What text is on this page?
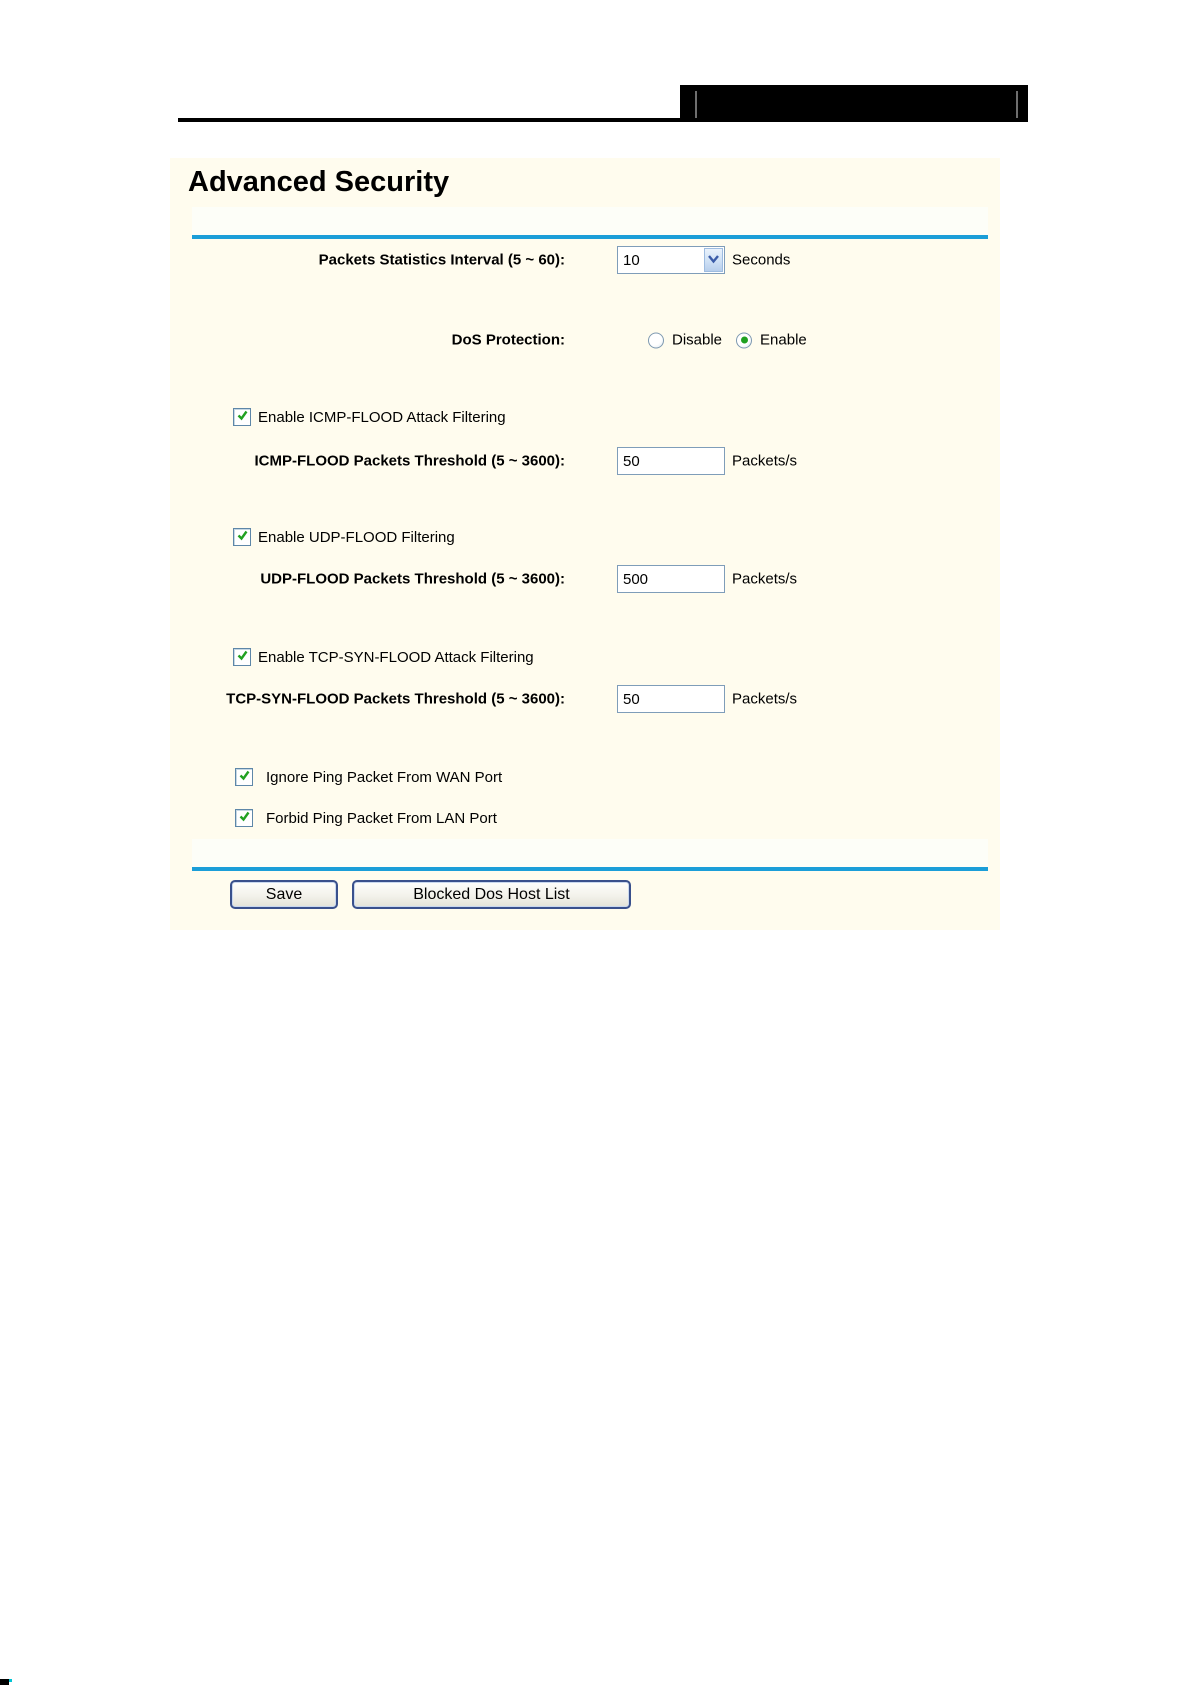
Advanced Security
Packets Statistics Interval (5 ~ 60):	10	Seconds
DoS Protection:	Disable	Enable
Enable ICMP-FLOOD Attack Filtering
ICMP-FLOOD Packets Threshold (5 ~ 3600):
50	Packets/s
Enable UDP-FLOOD Filtering
UDP-FLOOD Packets Threshold (5 ~ 3600):
500	Packets/s
Enable TCP-SYN-FLOOD Attack Filtering
TCP-SYN-FLOOD Packets Threshold (5 ~ 3600):
50	Packets/s
Ignore Ping Packet From WAN Port
Forbid Ping Packet From LAN Port
Save	Blocked Dos Host List
